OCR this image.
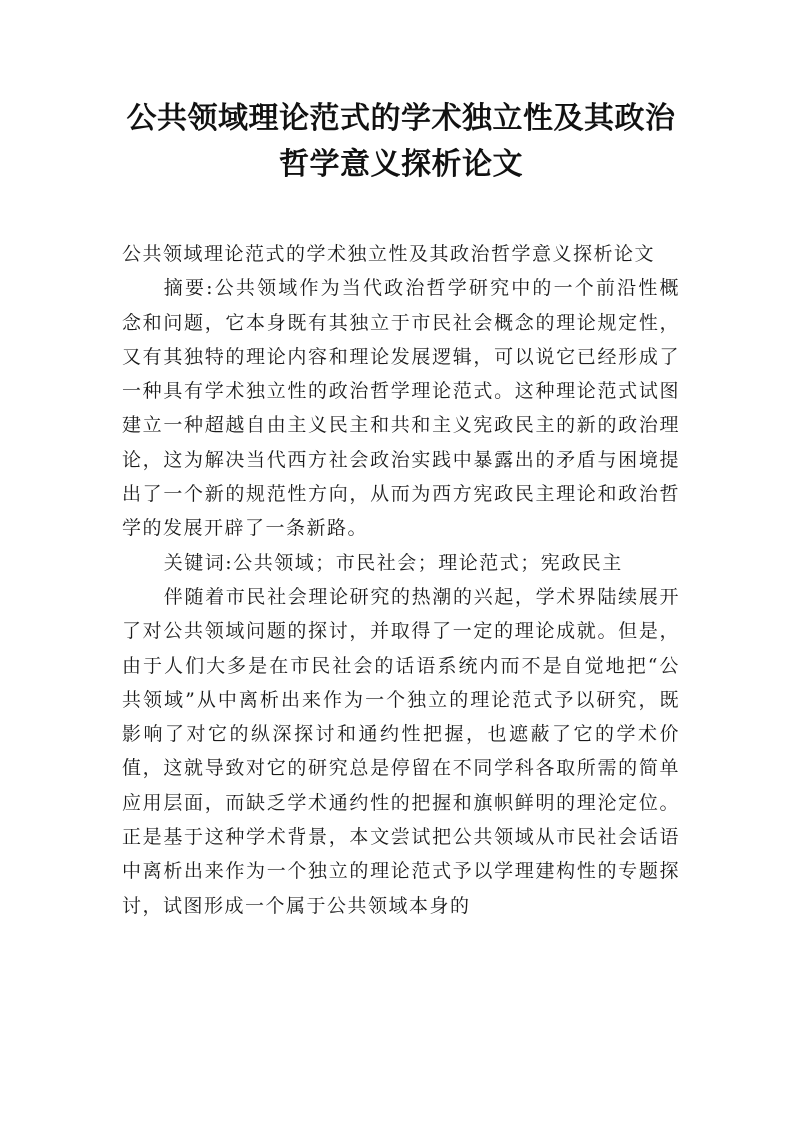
公共领域理论范式的学术独立性及其政治
哲学意义探析论文

公共领域理论范式的学术独立性及其政治哲学意义探析论文

摘要:公共领域作为当代政治哲学研究中的一个前沿性概念和问题，它本身既有其独立于市民社会概念的理论规定性，又有其独特的理论内容和理论发展逻辑，可以说它已经形成了一种具有学术独立性的政治哲学理论范式。这种理论范式试图建立一种超越自由主义民主和共和主义宪政民主的新的政治理论，这为解决当代西方社会政治实践中暴露出的矛盾与困境提出了一个新的规范性方向，从而为西方宪政民主理论和政治哲学的发展开辟了一条新路。

关键词:公共领域；市民社会；理论范式；宪政民主

伴随着市民社会理论研究的热潮的兴起，学术界陆续展开了对公共领域问题的探讨，并取得了一定的理论成就。但是，由于人们大多是在市民社会的话语系统内而不是自觉地把“公共领域”从中离析出来作为一个独立的理论范式予以研究，既影响了对它的纵深探讨和通约性把握，也遮蔽了它的学术价值，这就导致对它的研究总是停留在不同学科各取所需的简单应用层面，而缺乏学术通约性的把握和旗帜鲜明的理沦定位。正是基于这种学术背景，本文尝试把公共领域从市民社会话语中离析出来作为一个独立的理论范式予以学理建构性的专题探讨，试图形成一个属于公共领域本身的
